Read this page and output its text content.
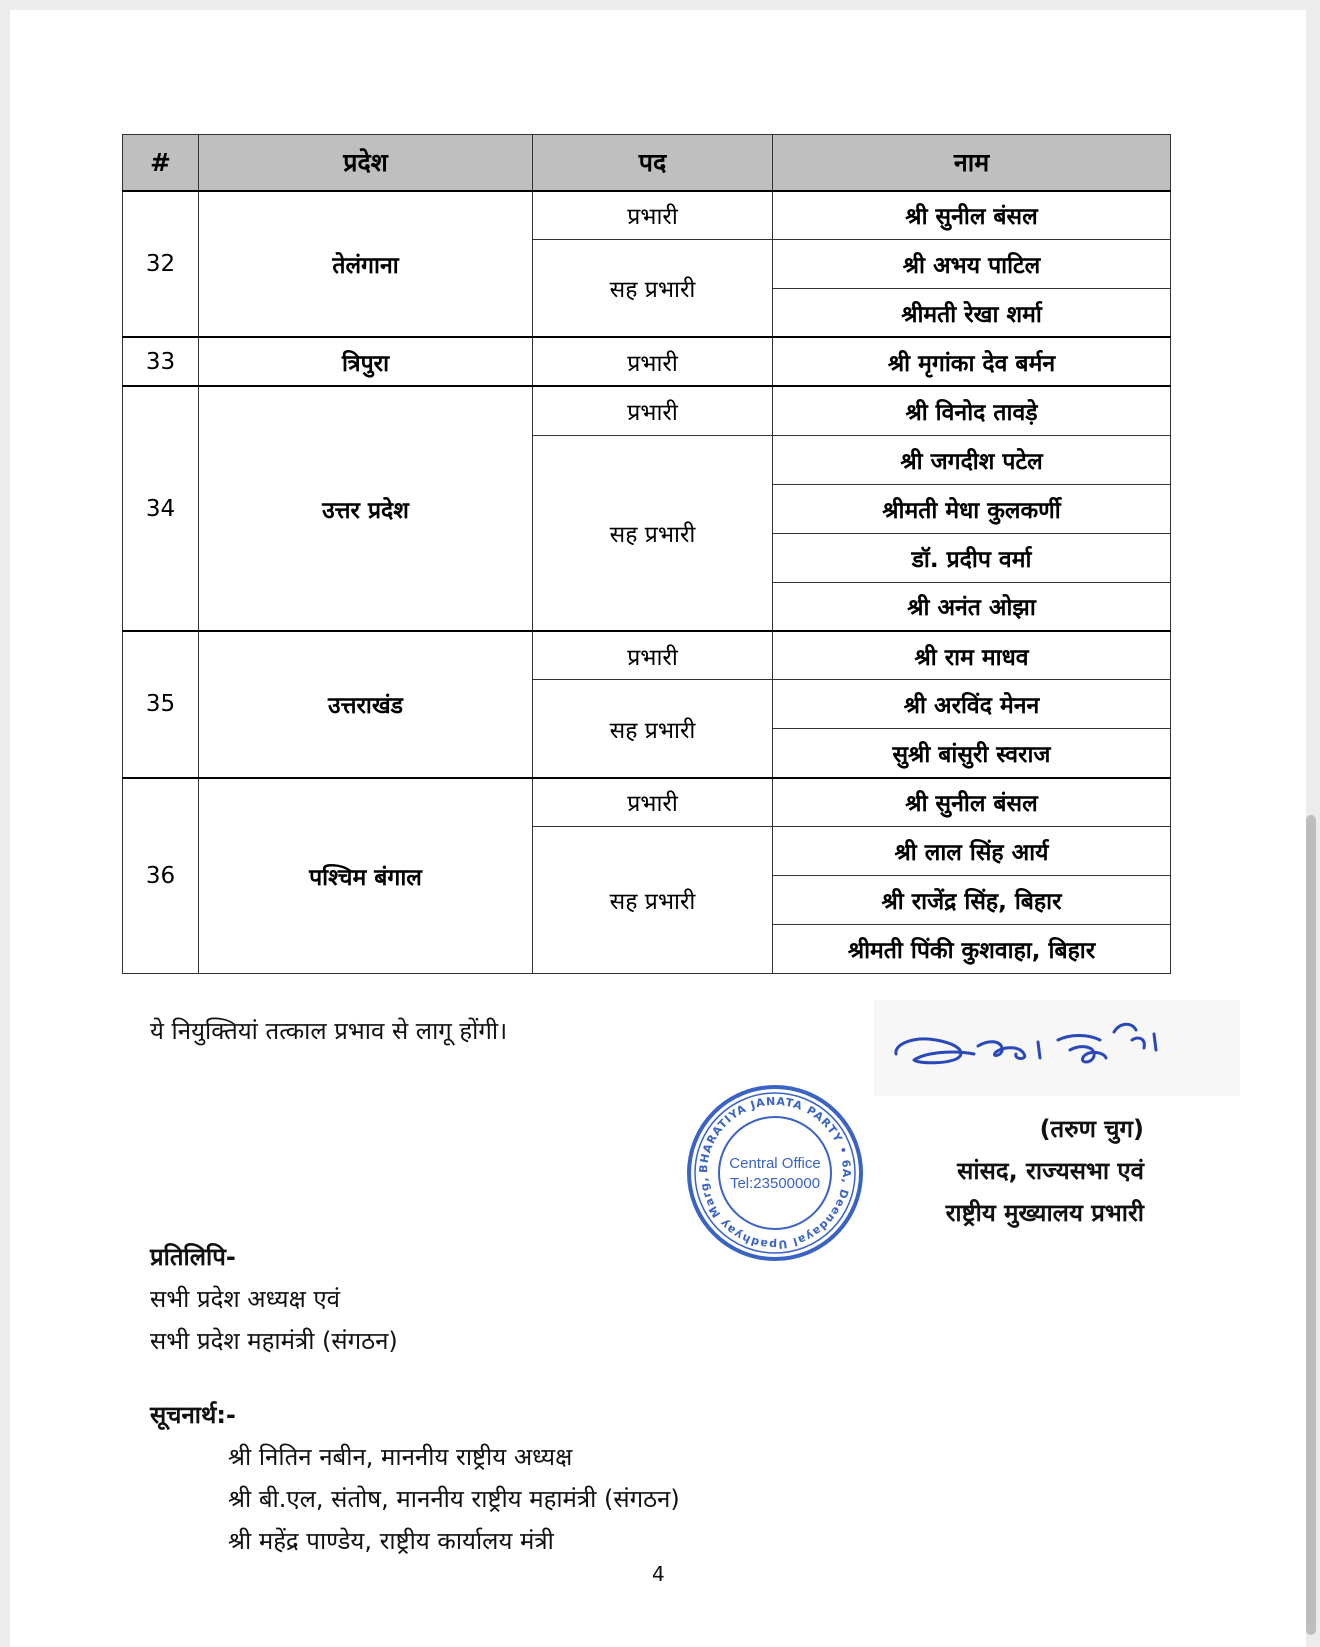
#	प्रदेश	पद	नाम
32	तेलंगाना	प्रभारी	श्री सुनील बंसल
		सह प्रभारी	श्री अभय पाटिल
			श्रीमती रेखा शर्मा
33	त्रिपुरा	प्रभारी	श्री मृगांका देव बर्मन
34	उत्तर प्रदेश	प्रभारी	श्री विनोद तावड़े
		सह प्रभारी	श्री जगदीश पटेल
			श्रीमती मेधा कुलकर्णी
			डॉ. प्रदीप वर्मा
			श्री अनंत ओझा
35	उत्तराखंड	प्रभारी	श्री राम माधव
		सह प्रभारी	श्री अरविंद मेनन
			सुश्री बांसुरी स्वराज
36	पश्चिम बंगाल	प्रभारी	श्री सुनील बंसल
		सह प्रभारी	श्री लाल सिंह आर्य
			श्री राजेंद्र सिंह, बिहार
			श्रीमती पिंकी कुशवाहा, बिहार
ये नियुक्तियां तत्काल प्रभाव से लागू होंगी।
(तरुण चुग)
सांसद, राज्यसभा एवं
राष्ट्रीय मुख्यालय प्रभारी
BHARATIYA JANATA PARTY • 6A, Deendayal Upadhyay Marg,
Central Office
Tel:23500000
प्रतिलिपि-
सभी प्रदेश अध्यक्ष एवं
सभी प्रदेश महामंत्री (संगठन)
सूचनार्थ:-
श्री नितिन नबीन, माननीय राष्ट्रीय अध्यक्ष
श्री बी.एल, संतोष, माननीय राष्ट्रीय महामंत्री (संगठन)
श्री महेंद्र पाण्डेय, राष्ट्रीय कार्यालय मंत्री
4
